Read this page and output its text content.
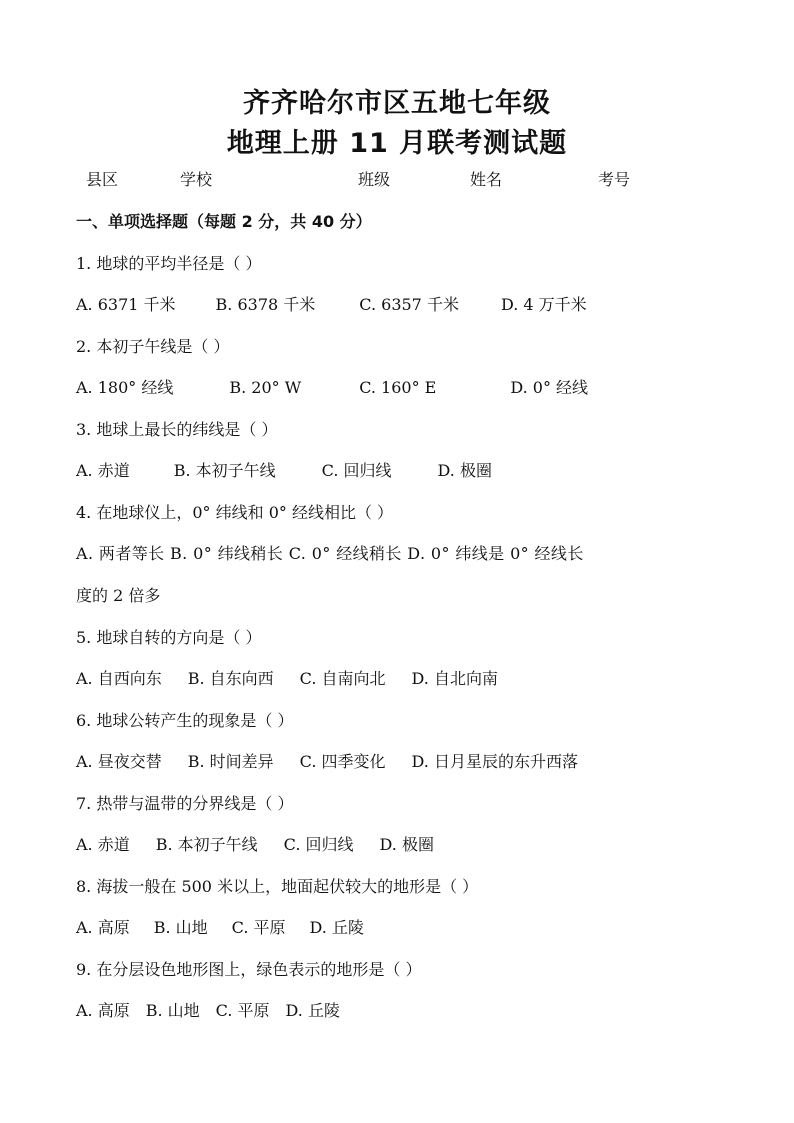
齐齐哈尔市区五地七年级
地理上册 11 月联考测试题
县区	学校	班级	姓名	考号
一、单项选择题（每题 2 分，共 40 分）
1. 地球的平均半径是（ ）
A. 6371 千米	B. 6378 千米	C. 6357 千米	D. 4 万千米
2. 本初子午线是（ ）
A. 180° 经线	B. 20° W	C. 160° E	D. 0° 经线
3. 地球上最长的纬线是（ ）
A. 赤道	B. 本初子午线	C. 回归线	D. 极圈
4. 在地球仪上，0° 纬线和 0° 经线相比（ ）
A. 两者等长 B. 0° 纬线稍长 C. 0° 经线稍长 D. 0° 纬线是 0° 经线长
度的 2 倍多
5. 地球自转的方向是（ ）
A. 自西向东 B. 自东向西 C. 自南向北 D. 自北向南
6. 地球公转产生的现象是（ ）
A. 昼夜交替 B. 时间差异 C. 四季变化 D. 日月星辰的东升西落
7. 热带与温带的分界线是（ ）
A. 赤道 B. 本初子午线 C. 回归线 D. 极圈
8. 海拔一般在 500 米以上，地面起伏较大的地形是（ ）
A. 高原 B. 山地 C. 平原 D. 丘陵
9. 在分层设色地形图上，绿色表示的地形是（ ）
A. 高原 B. 山地 C. 平原 D. 丘陵
